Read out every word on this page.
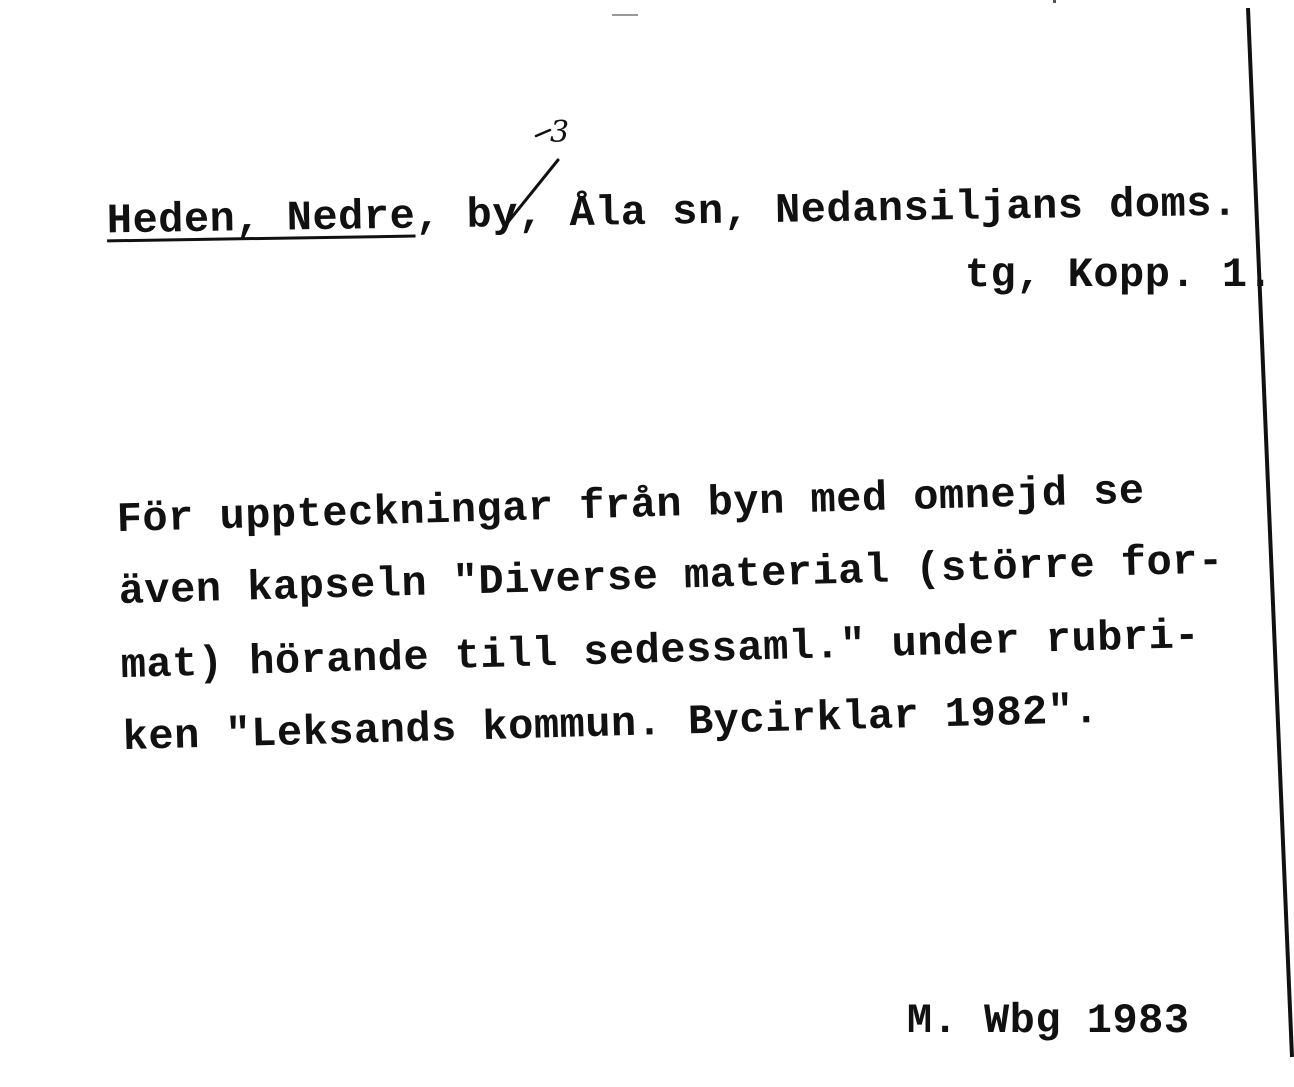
Heden, Nedre, by, Åla sn, Nedansiljans doms.

3

tg, Kopp. 1.

För uppteckningar från byn med omnejd se

även kapseln "Diverse material (större for-

mat) hörande till sedessaml." under rubri-

ken "Leksands kommun. Bycirklar 1982".

M. Wbg 1983
